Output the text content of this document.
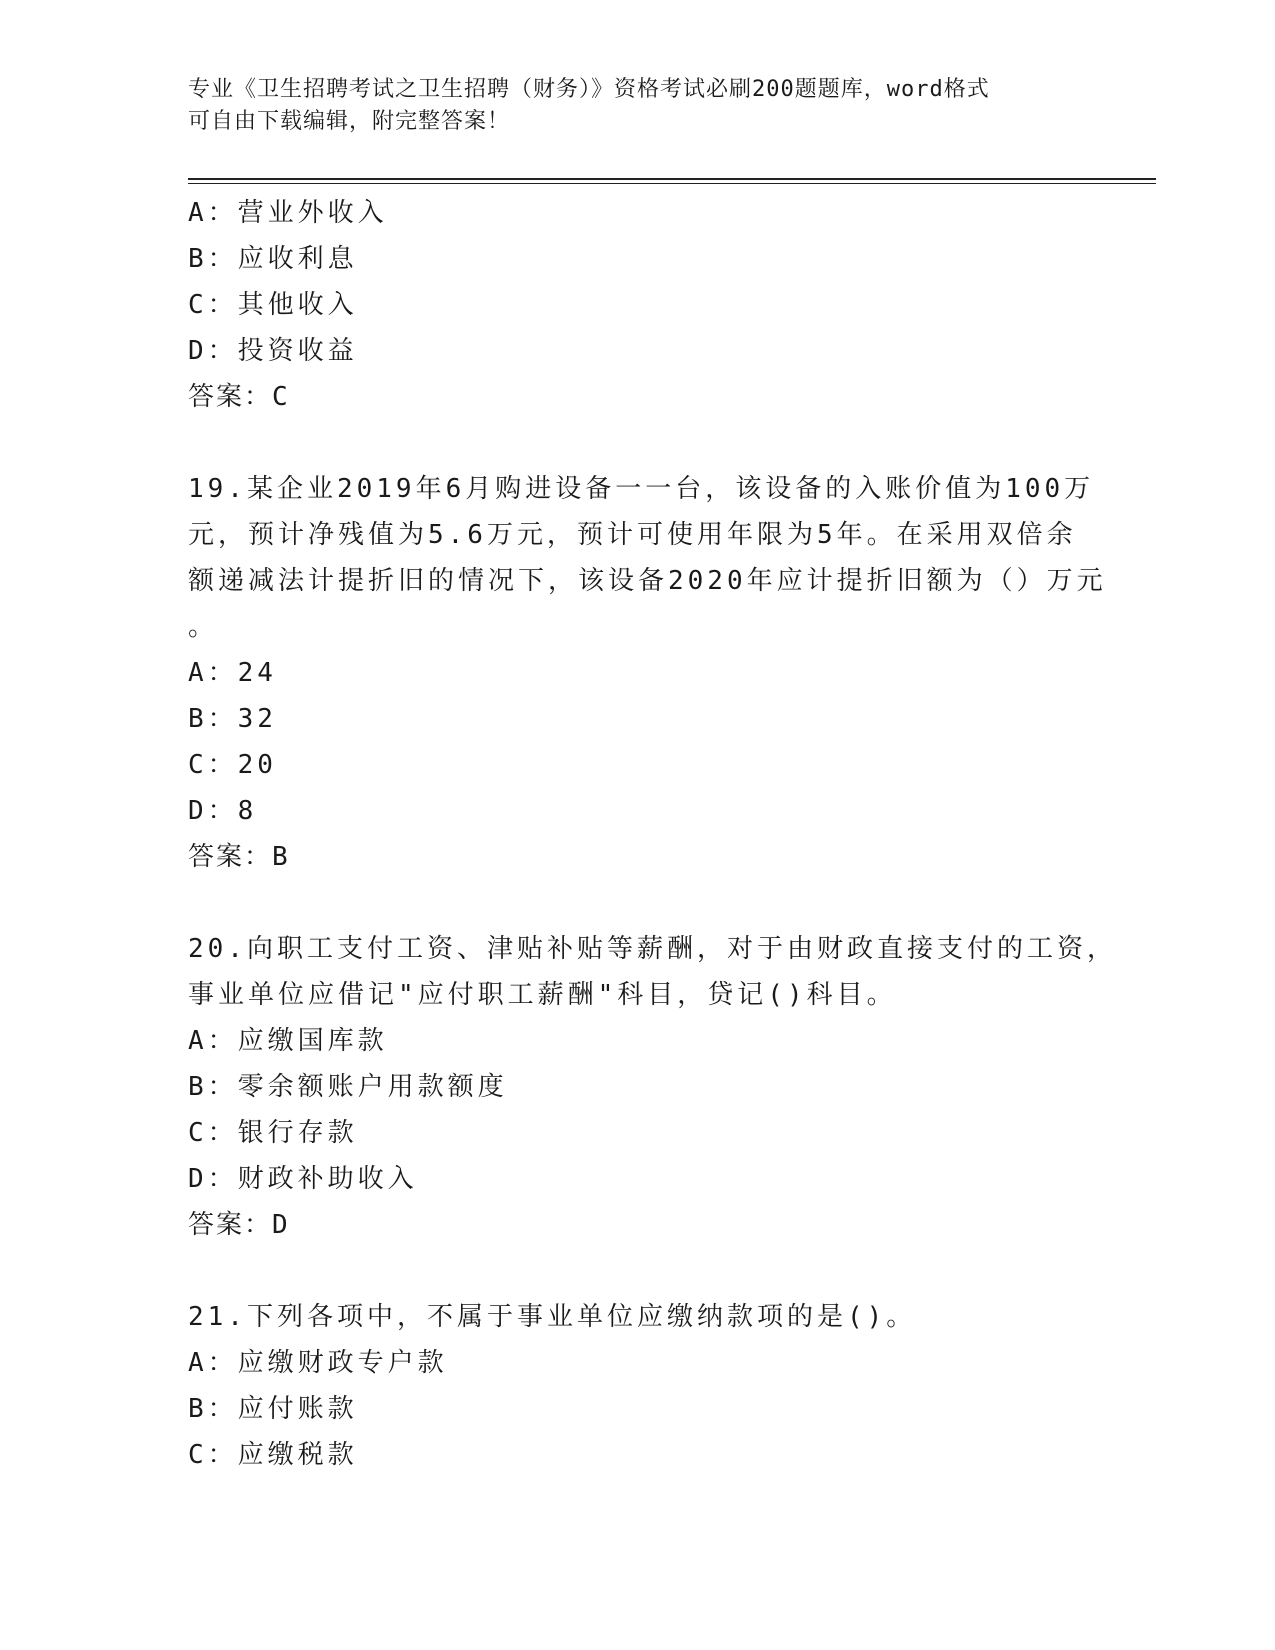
专业《卫生招聘考试之卫生招聘（财务）》资格考试必刷200题题库，word格式
可自由下载编辑，附完整答案！
A：营业外收入
B：应收利息
C：其他收入
D：投资收益
答案：C
19.某企业2019年6月购进设备一一台，该设备的入账价值为100万
元，预计净残值为5.6万元，预计可使用年限为5年。在采用双倍余
额递减法计提折旧的情况下，该设备2020年应计提折旧额为（）万元
。
A：24
B：32
C：20
D：8
答案：B
20.向职工支付工资、津贴补贴等薪酬，对于由财政直接支付的工资，
事业单位应借记"应付职工薪酬"科目，贷记()科目。
A：应缴国库款
B：零余额账户用款额度
C：银行存款
D：财政补助收入
答案：D
21.下列各项中，不属于事业单位应缴纳款项的是()。
A：应缴财政专户款
B：应付账款
C：应缴税款
